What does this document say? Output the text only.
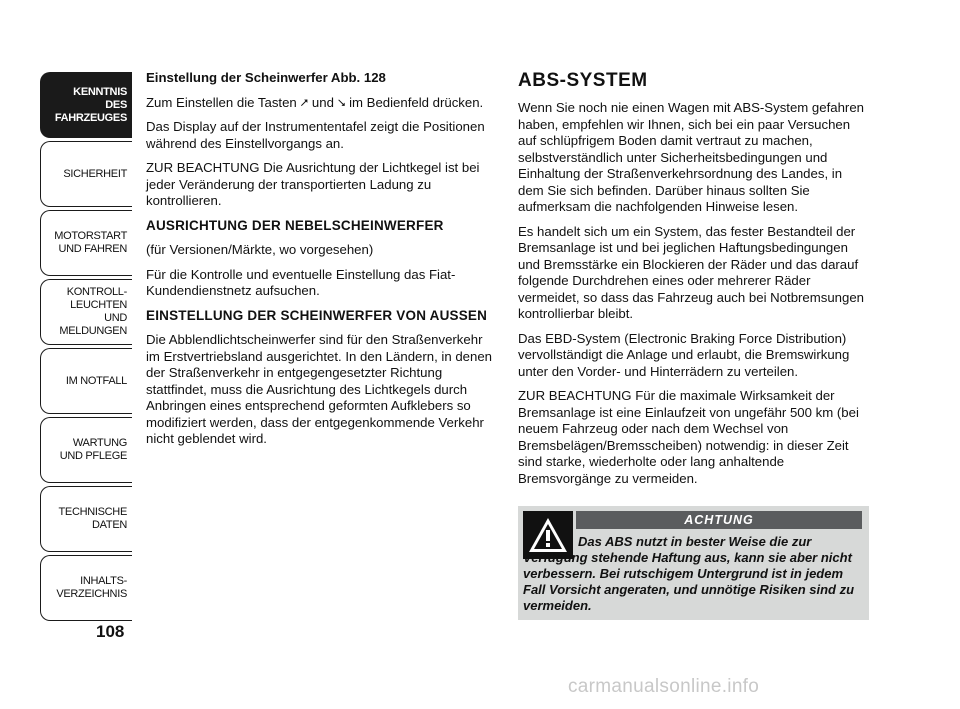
KENNTNIS
DES FAHRZEUGES
SICHERHEIT
MOTORSTART
UND FAHREN
KONTROLL-
LEUCHTEN
UND MELDUNGEN
IM NOTFALL
WARTUNG
UND PFLEGE
TECHNISCHE
DATEN
INHALTS-
VERZEICHNIS
108

Einstellung der Scheinwerfer Abb. 128

Zum Einstellen die Tasten ⭧ und ⭨ im Bedienfeld drücken.

Das Display auf der Instrumententafel zeigt die Positionen während des Einstellvorgangs an.

ZUR BEACHTUNG Die Ausrichtung der Lichtkegel ist bei jeder Veränderung der transportierten Ladung zu kontrollieren.

AUSRICHTUNG DER NEBELSCHEINWERFER

(für Versionen/Märkte, wo vorgesehen)

Für die Kontrolle und eventuelle Einstellung das Fiat-Kundendienstnetz aufsuchen.

EINSTELLUNG DER SCHEINWERFER VON AUSSEN

Die Abblendlichtscheinwerfer sind für den Straßenverkehr im Erstvertriebsland ausgerichtet. In den Ländern, in denen der Straßenverkehr in entgegengesetzter Richtung stattfindet, muss die Ausrichtung des Lichtkegels durch Anbringen eines entsprechend geformten Aufklebers so modifiziert werden, dass der entgegenkommende Verkehr nicht geblendet wird.

ABS-SYSTEM

Wenn Sie noch nie einen Wagen mit ABS-System gefahren haben, empfehlen wir Ihnen, sich bei ein paar Versuchen auf schlüpfrigem Boden damit vertraut zu machen, selbstverständlich unter Sicherheitsbedingungen und Einhaltung der Straßenverkehrsordnung des Landes, in dem Sie sich befinden. Darüber hinaus sollten Sie aufmerksam die nachfolgenden Hinweise lesen.

Es handelt sich um ein System, das fester Bestandteil der Bremsanlage ist und bei jeglichen Haftungsbedingungen und Bremsstärke ein Blockieren der Räder und das darauf folgende Durchdrehen eines oder mehrerer Räder vermeidet, so dass das Fahrzeug auch bei Notbremsungen kontrollierbar bleibt.

Das EBD-System (Electronic Braking Force Distribution) vervollständigt die Anlage und erlaubt, die Bremswirkung unter den Vorder- und Hinterrädern zu verteilen.

ZUR BEACHTUNG Für die maximale Wirksamkeit der Bremsanlage ist eine Einlaufzeit von ungefähr 500 km (bei neuem Fahrzeug oder nach dem Wechsel von Bremsbelägen/Bremsscheiben) notwendig: in dieser Zeit sind starke, wiederholte oder lang anhaltende Bremsvorgänge zu vermeiden.

ACHTUNG
Das ABS nutzt in bester Weise die zur Verfügung stehende Haftung aus, kann sie aber nicht verbessern. Bei rutschigem Untergrund ist in jedem Fall Vorsicht angeraten, und unnötige Risiken sind zu vermeiden.
carmanualsonline.info
